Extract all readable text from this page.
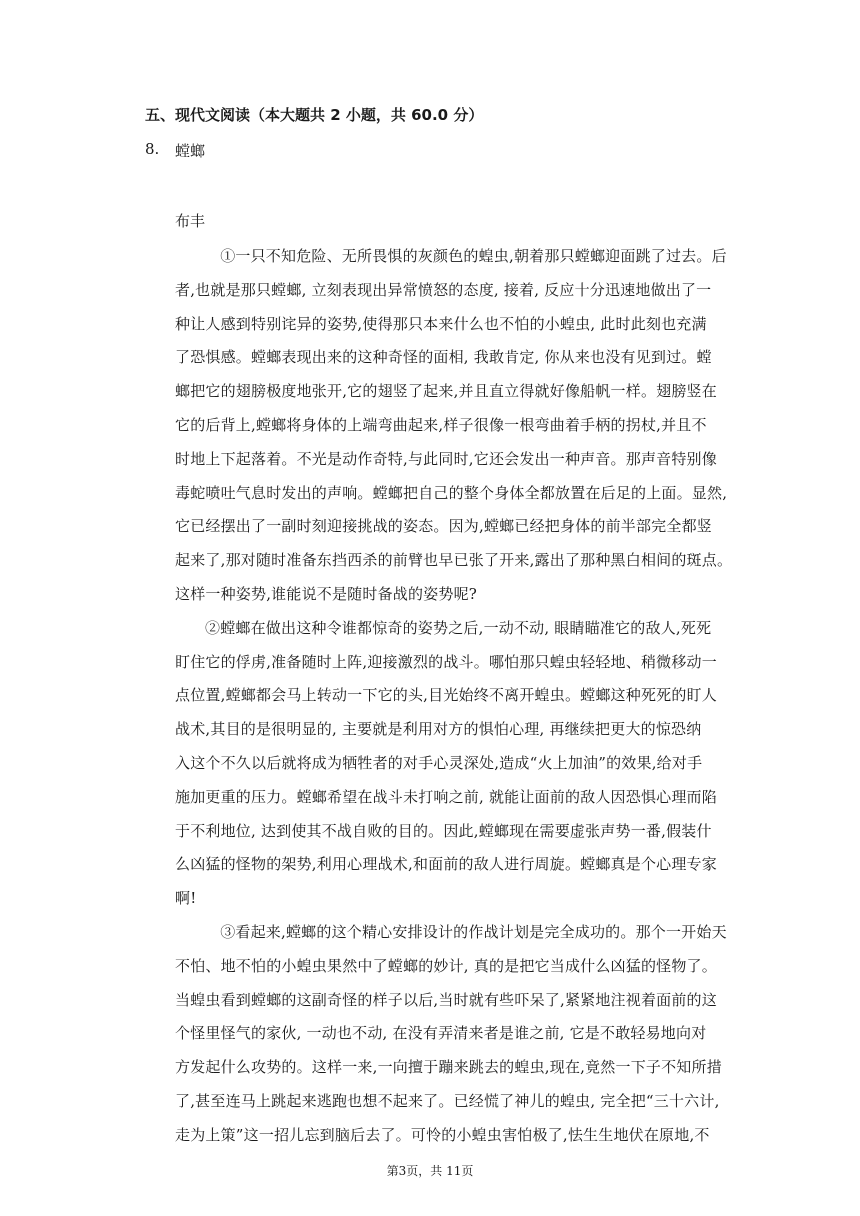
五、现代文阅读（本大题共 2 小题，共 60.0 分）
8. 螳螂
布丰
　①一只不知危险、无所畏惧的灰颜色的蝗虫,朝着那只螳螂迎面跳了过去。后
者,也就是那只螳螂, 立刻表现出异常愤怒的态度, 接着, 反应十分迅速地做出了一
种让人感到特别诧异的姿势,使得那只本来什么也不怕的小蝗虫, 此时此刻也充满
了恐惧感。螳螂表现出来的这种奇怪的面相, 我敢肯定, 你从来也没有见到过。螳
螂把它的翅膀极度地张开,它的翅竖了起来,并且直立得就好像船帆一样。翅膀竖在
它的后背上,螳螂将身体的上端弯曲起来,样子很像一根弯曲着手柄的拐杖,并且不
时地上下起落着。不光是动作奇特,与此同时,它还会发出一种声音。那声音特别像
毒蛇喷吐气息时发出的声响。螳螂把自己的整个身体全都放置在后足的上面。显然,
它已经摆出了一副时刻迎接挑战的姿态。因为,螳螂已经把身体的前半部完全都竖
起来了,那对随时准备东挡西杀的前臂也早已张了开来,露出了那种黑白相间的斑点。
这样一种姿势,谁能说不是随时备战的姿势呢?
②螳螂在做出这种令谁都惊奇的姿势之后,一动不动, 眼睛瞄准它的敌人,死死
盯住它的俘虏,准备随时上阵,迎接激烈的战斗。哪怕那只蝗虫轻轻地、稍微移动一
点位置,螳螂都会马上转动一下它的头,目光始终不离开蝗虫。螳螂这种死死的盯人
战术,其目的是很明显的, 主要就是利用对方的惧怕心理, 再继续把更大的惊恐纳
入这个不久以后就将成为牺牲者的对手心灵深处,造成“火上加油”的效果,给对手
施加更重的压力。螳螂希望在战斗未打响之前, 就能让面前的敌人因恐惧心理而陷
于不利地位, 达到使其不战自败的目的。因此,螳螂现在需要虚张声势一番,假装什
么凶猛的怪物的架势,利用心理战术,和面前的敌人进行周旋。螳螂真是个心理专家
啊!
　③看起来,螳螂的这个精心安排设计的作战计划是完全成功的。那个一开始天
不怕、地不怕的小蝗虫果然中了螳螂的妙计, 真的是把它当成什么凶猛的怪物了。
当蝗虫看到螳螂的这副奇怪的样子以后,当时就有些吓呆了,紧紧地注视着面前的这
个怪里怪气的家伙, 一动也不动, 在没有弄清来者是谁之前, 它是不敢轻易地向对
方发起什么攻势的。这样一来,一向擅于蹦来跳去的蝗虫,现在,竟然一下子不知所措
了,甚至连马上跳起来逃跑也想不起来了。已经慌了神儿的蝗虫, 完全把“三十六计,
走为上策”这一招儿忘到脑后去了。可怜的小蝗虫害怕极了,怯生生地伏在原地,不
第3页，共 11页
